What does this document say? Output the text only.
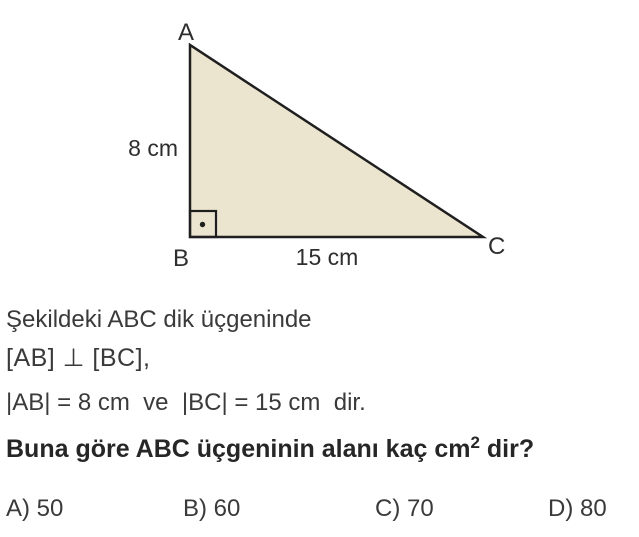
A
B	C
8 cm
15 cm
Şekildeki ABC dik üçgeninde
[AB] ⊥ [BC],
|AB| = 8 cm  ve  |BC| = 15 cm  dir.
Buna göre ABC üçgeninin alanı kaç $cm^2$ dir?
A) 50	B) 60	C) 70	D) 80
